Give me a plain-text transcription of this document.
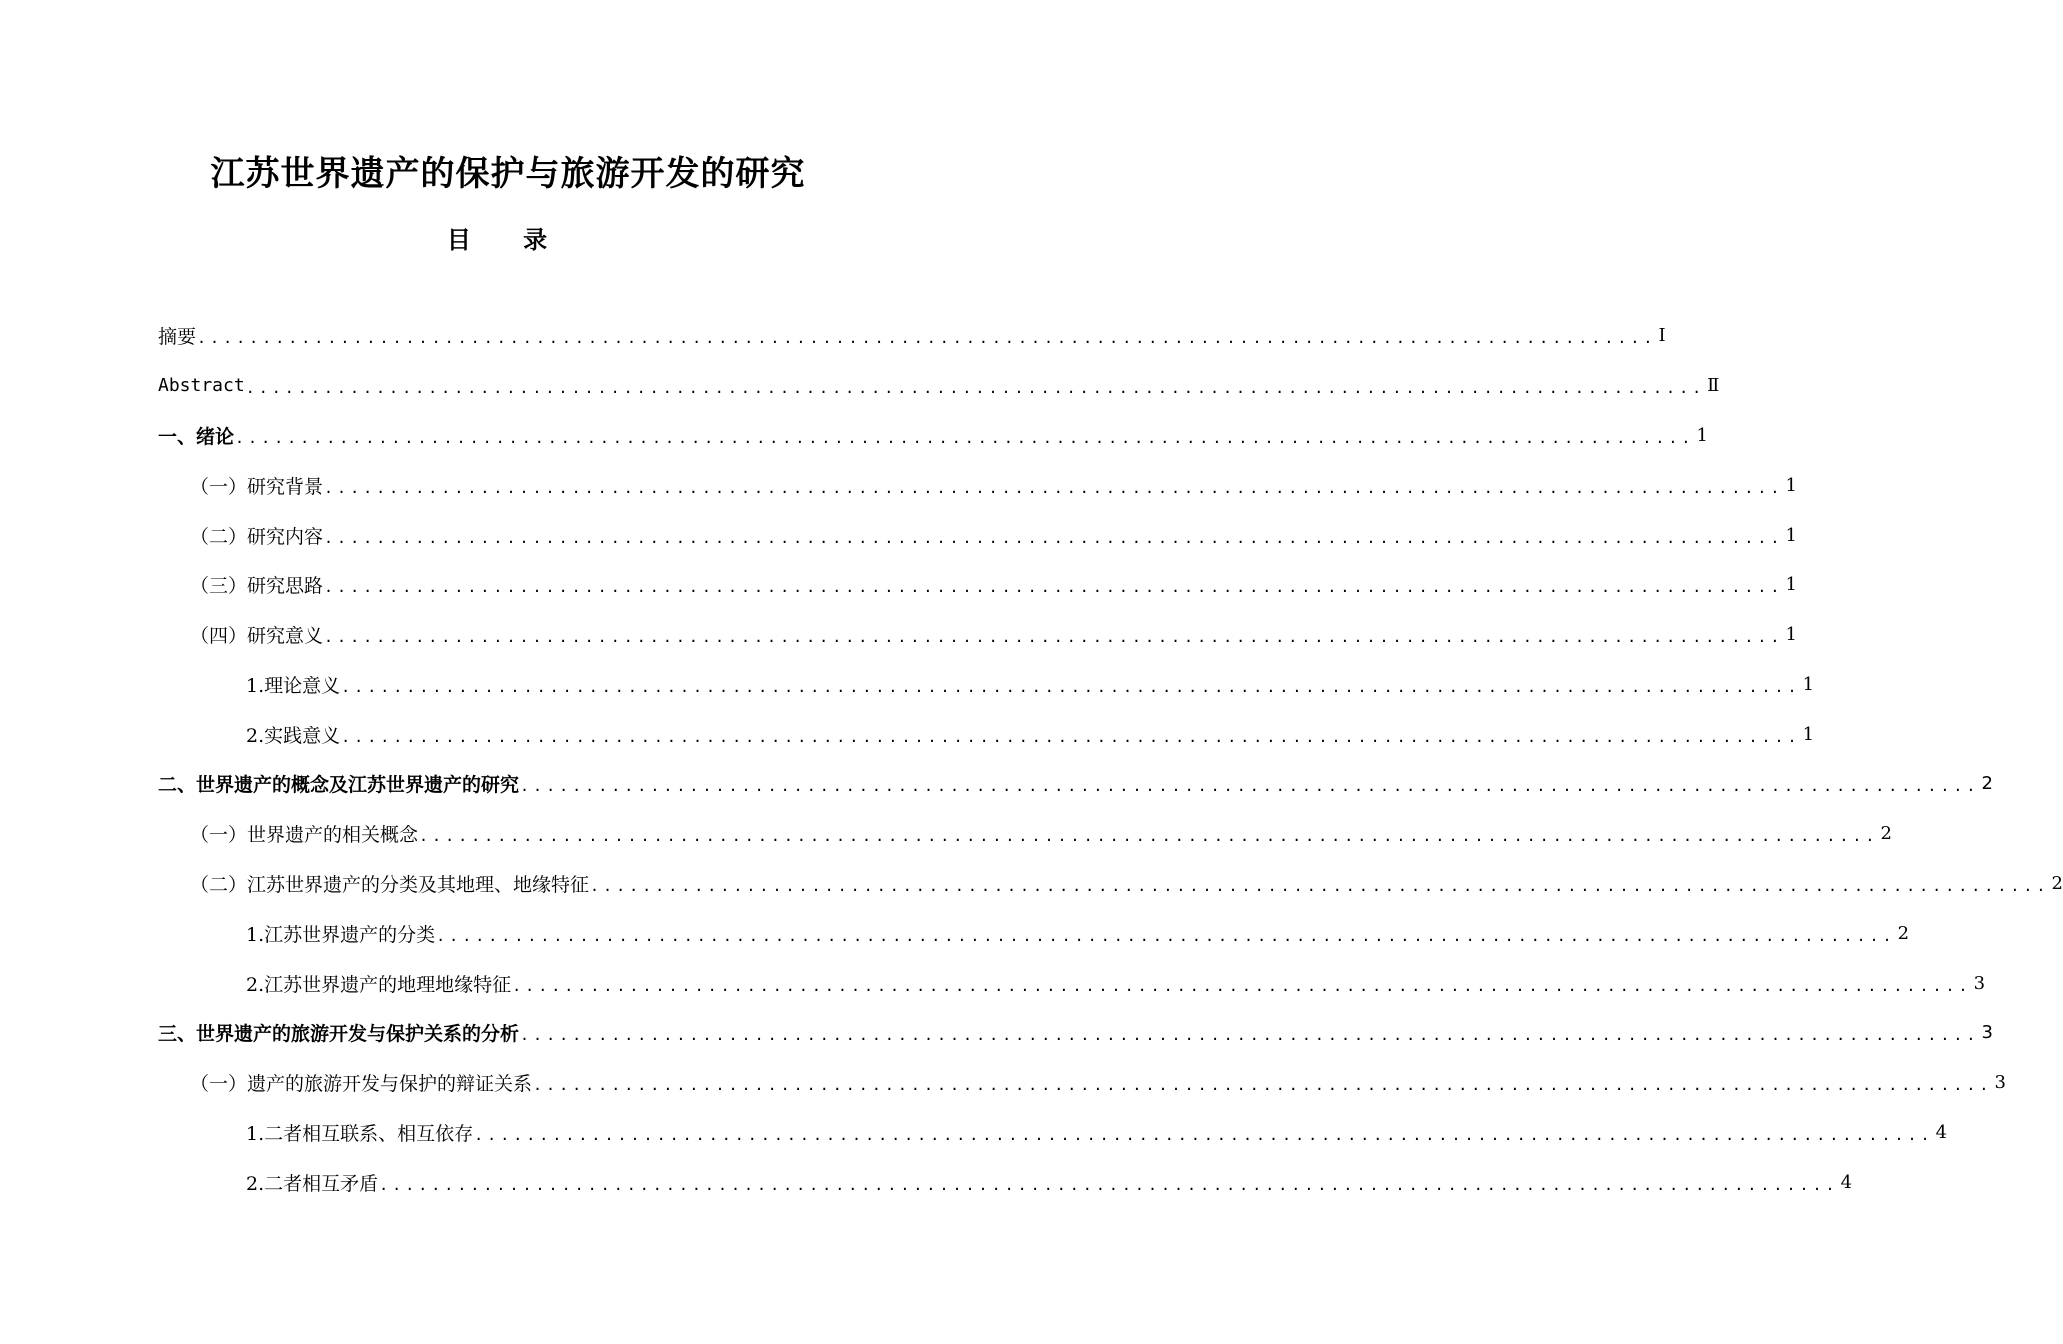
江苏世界遗产的保护与旅游开发的研究
目 录
摘要 ................................................................................................................ Ⅰ
Abstract ................................................................................................................ Ⅱ
一、绪论 ................................................................................................................ 1
（一）研究背景 ................................................................................................................ 1
（二）研究内容 ................................................................................................................ 1
（三）研究思路 ................................................................................................................ 1
（四）研究意义 ................................................................................................................ 1
1.理论意义 ................................................................................................................ 1
2.实践意义 ................................................................................................................ 1
二、世界遗产的概念及江苏世界遗产的研究 ................................................................................................................ 2
（一）世界遗产的相关概念 ................................................................................................................ 2
（二）江苏世界遗产的分类及其地理、地缘特征 ................................................................................................................ 2
1.江苏世界遗产的分类 ................................................................................................................ 2
2.江苏世界遗产的地理地缘特征 ................................................................................................................ 3
三、世界遗产的旅游开发与保护关系的分析 ................................................................................................................ 3
（一）遗产的旅游开发与保护的辩证关系 ................................................................................................................ 3
1.二者相互联系、相互依存 ................................................................................................................ 4
2.二者相互矛盾 ................................................................................................................ 4
